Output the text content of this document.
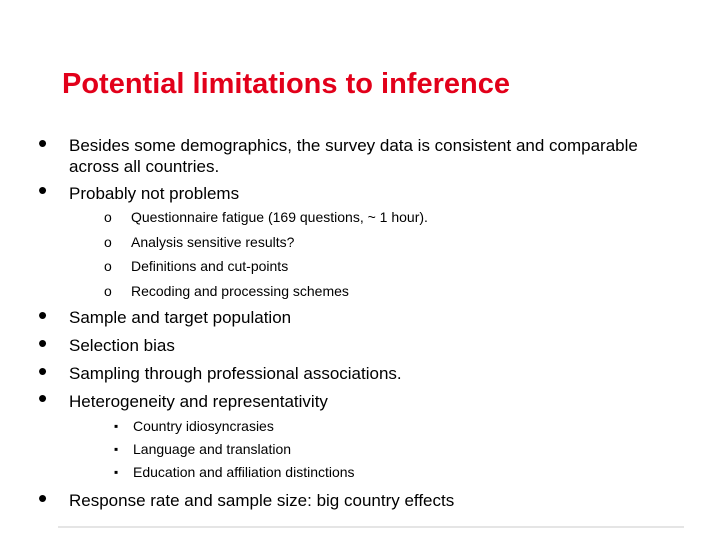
Potential limitations to inference
• Besides some demographics, the survey data is consistent and comparable across all countries.
• Probably not problems
o Questionnaire fatigue (169 questions, ~ 1 hour).
o Analysis sensitive results?
o Definitions and cut-points
o Recoding and processing schemes
• Sample and target population
• Selection bias
• Sampling through professional associations.
• Heterogeneity and representativity
▪ Country idiosyncrasies
▪ Language and translation
▪ Education and affiliation distinctions
• Response rate and sample size: big country effects
